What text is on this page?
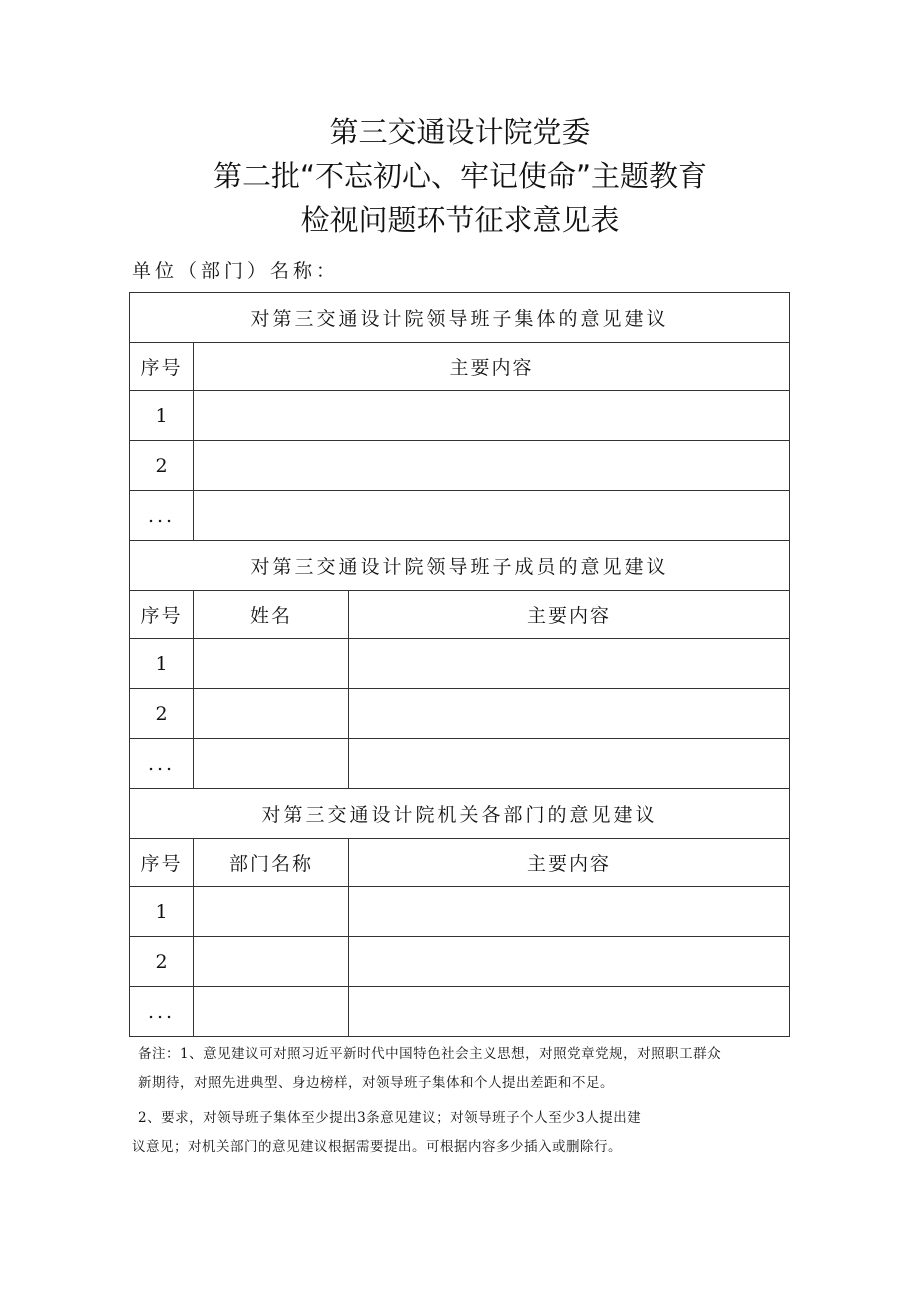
第三交通设计院党委
第二批“不忘初心、牢记使命”主题教育
检视问题环节征求意见表
单位（部门）名称：
对第三交通设计院领导班子集体的意见建议		
序号	主要内容	
1		
2		
...		
对第三交通设计院领导班子成员的意见建议		
序号	姓名	主要内容
1		
2		
...		
对第三交通设计院机关各部门的意见建议		
序号	部门名称	主要内容
1		
2		
...		
备注：1、意见建议可对照习近平新时代中国特色社会主义思想，对照党章党规，对照职工群众
新期待，对照先进典型、身边榜样，对领导班子集体和个人提出差距和不足。
2、要求，对领导班子集体至少提出3条意见建议；对领导班子个人至少3人提出建
议意见；对机关部门的意见建议根据需要提出。可根据内容多少插入或删除行。
